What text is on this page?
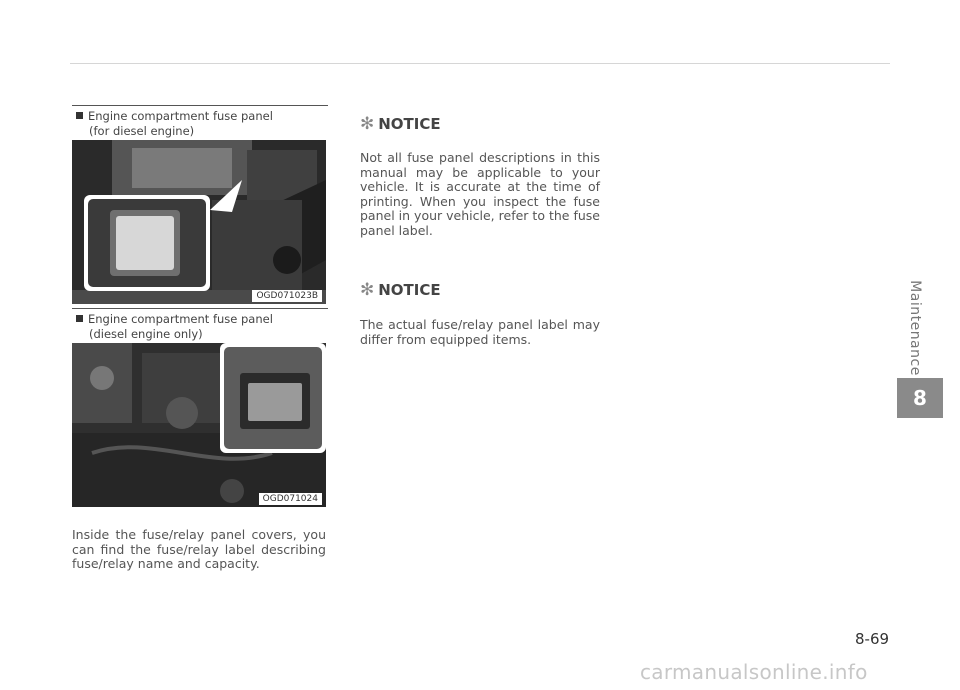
Engine compartment fuse panel
(for diesel engine)
OGD071023B
Engine compartment fuse panel
(diesel engine only)
OGD071024
Inside the fuse/relay panel covers, you can find the fuse/relay label describing fuse/relay name and capacity.
✻ NOTICE
Not all fuse panel descriptions in this manual may be applicable to your vehicle. It is accurate at the time of printing. When you inspect the fuse panel in your vehicle, refer to the fuse panel label.
✻ NOTICE
The actual fuse/relay panel label may differ from equipped items.	Maintenance
8
8-69
carmanualsonline.info
